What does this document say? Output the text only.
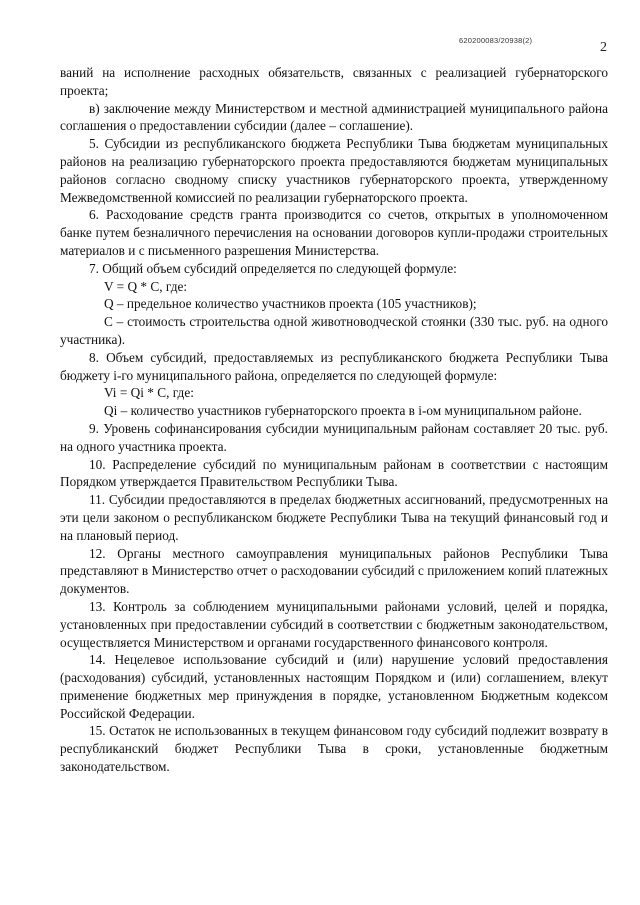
620200083/20938(2)	2

ваний на исполнение расходных обязательств, связанных с реализацией губернаторского проекта;

в) заключение между Министерством и местной администрацией муниципального района соглашения о предоставлении субсидии (далее – соглашение).

5. Субсидии из республиканского бюджета Республики Тыва бюджетам муниципальных районов на реализацию губернаторского проекта предоставляются бюджетам муниципальных районов согласно сводному списку участников губернаторского проекта, утвержденному Межведомственной комиссией по реализации губернаторского проекта.

6. Расходование средств гранта производится со счетов, открытых в уполномоченном банке путем безналичного перечисления на основании договоров купли-продажи строительных материалов и с письменного разрешения Министерства.

7. Общий объем субсидий определяется по следующей формуле:

V = Q * C, где:

Q – предельное количество участников проекта (105 участников);

C – стоимость строительства одной животноводческой стоянки (330 тыс. руб. на одного участника).

8. Объем субсидий, предоставляемых из республиканского бюджета Республики Тыва бюджету i-го муниципального района, определяется по следующей формуле:

Vi = Qi * C, где:

Qi – количество участников губернаторского проекта в i-ом муниципальном районе.

9. Уровень софинансирования субсидии муниципальным районам составляет 20 тыс. руб. на одного участника проекта.

10. Распределение субсидий по муниципальным районам в соответствии с настоящим Порядком утверждается Правительством Республики Тыва.

11. Субсидии предоставляются в пределах бюджетных ассигнований, предусмотренных на эти цели законом о республиканском бюджете Республики Тыва на текущий финансовый год и на плановый период.

12. Органы местного самоуправления муниципальных районов Республики Тыва представляют в Министерство отчет о расходовании субсидий с приложением копий платежных документов.

13. Контроль за соблюдением муниципальными районами условий, целей и порядка, установленных при предоставлении субсидий в соответствии с бюджетным законодательством, осуществляется Министерством и органами государственного финансового контроля.

14. Нецелевое использование субсидий и (или) нарушение условий предоставления (расходования) субсидий, установленных настоящим Порядком и (или) соглашением, влекут применение бюджетных мер принуждения в порядке, установленном Бюджетным кодексом Российской Федерации.

15. Остаток не использованных в текущем финансовом году субсидий подлежит возврату в республиканский бюджет Республики Тыва в сроки, установленные бюджетным законодательством.
